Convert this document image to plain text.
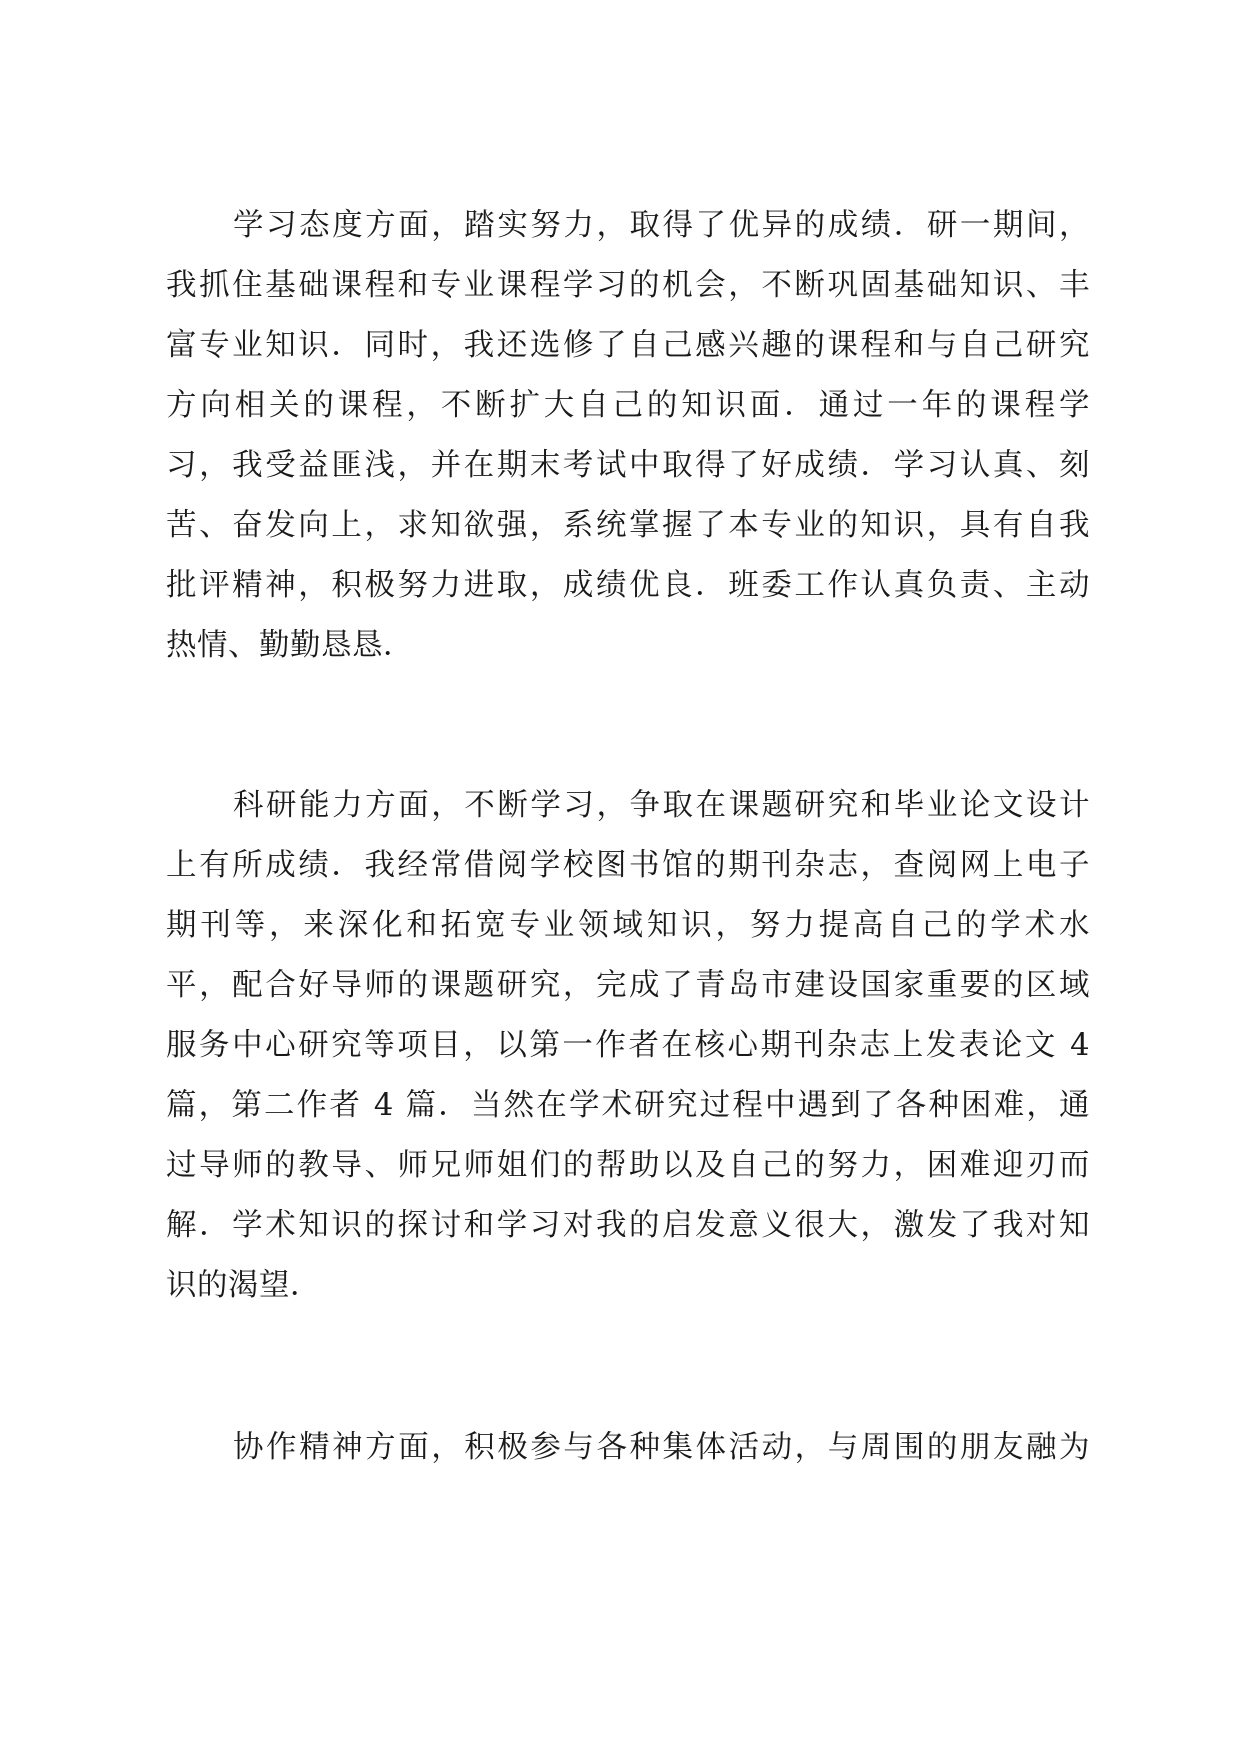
学习态度方面，踏实努力，取得了优异的成绩．研一期间，
我抓住基础课程和专业课程学习的机会，不断巩固基础知识、丰
富专业知识．同时，我还选修了自己感兴趣的课程和与自己研究
方向相关的课程，不断扩大自己的知识面．通过一年的课程学
习，我受益匪浅，并在期末考试中取得了好成绩．学习认真、刻
苦、奋发向上，求知欲强，系统掌握了本专业的知识，具有自我
批评精神，积极努力进取，成绩优良．班委工作认真负责、主动
热情、勤勤恳恳．
科研能力方面，不断学习，争取在课题研究和毕业论文设计
上有所成绩．我经常借阅学校图书馆的期刊杂志，查阅网上电子
期刊等，来深化和拓宽专业领域知识，努力提高自己的学术水
平，配合好导师的课题研究，完成了青岛市建设国家重要的区域
服务中心研究等项目，以第一作者在核心期刊杂志上发表论文 4
篇，第二作者 4 篇．当然在学术研究过程中遇到了各种困难，通
过导师的教导、师兄师姐们的帮助以及自己的努力，困难迎刃而
解．学术知识的探讨和学习对我的启发意义很大，激发了我对知
识的渴望．
协作精神方面，积极参与各种集体活动，与周围的朋友融为
